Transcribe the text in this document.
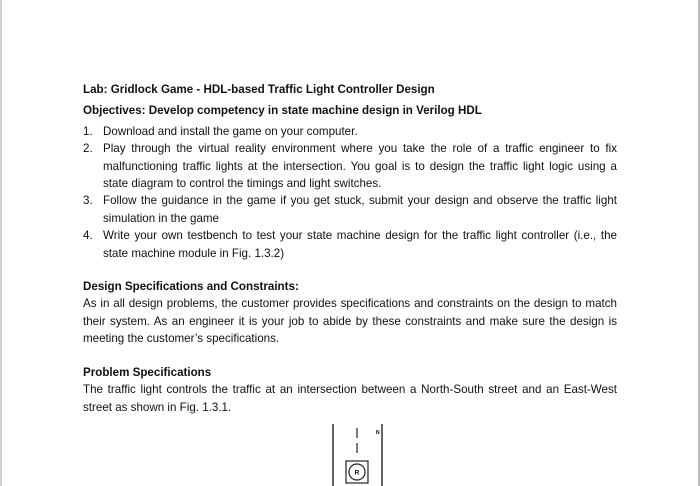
Lab: Gridlock Game - HDL-based Traffic Light Controller Design
Objectives: Develop competency in state machine design in Verilog HDL
1. Download and install the game on your computer.
2. Play through the virtual reality environment where you take the role of a traffic engineer to fix malfunctioning traffic lights at the intersection. You goal is to design the traffic light logic using a state diagram to control the timings and light switches.
3. Follow the guidance in the game if you get stuck, submit your design and observe the traffic light simulation in the game
4. Write your own testbench to test your state machine design for the traffic light controller (i.e., the state machine module in Fig. 1.3.2)
Design Specifications and Constraints:

As in all design problems, the customer provides specifications and constraints on the design to match their system. As an engineer it is your job to abide by these constraints and make sure the design is meeting the customer’s specifications.

Problem Specifications

The traffic light controls the traffic at an intersection between a North-South street and an East-West street as shown in Fig. 1.3.1.

N
R
